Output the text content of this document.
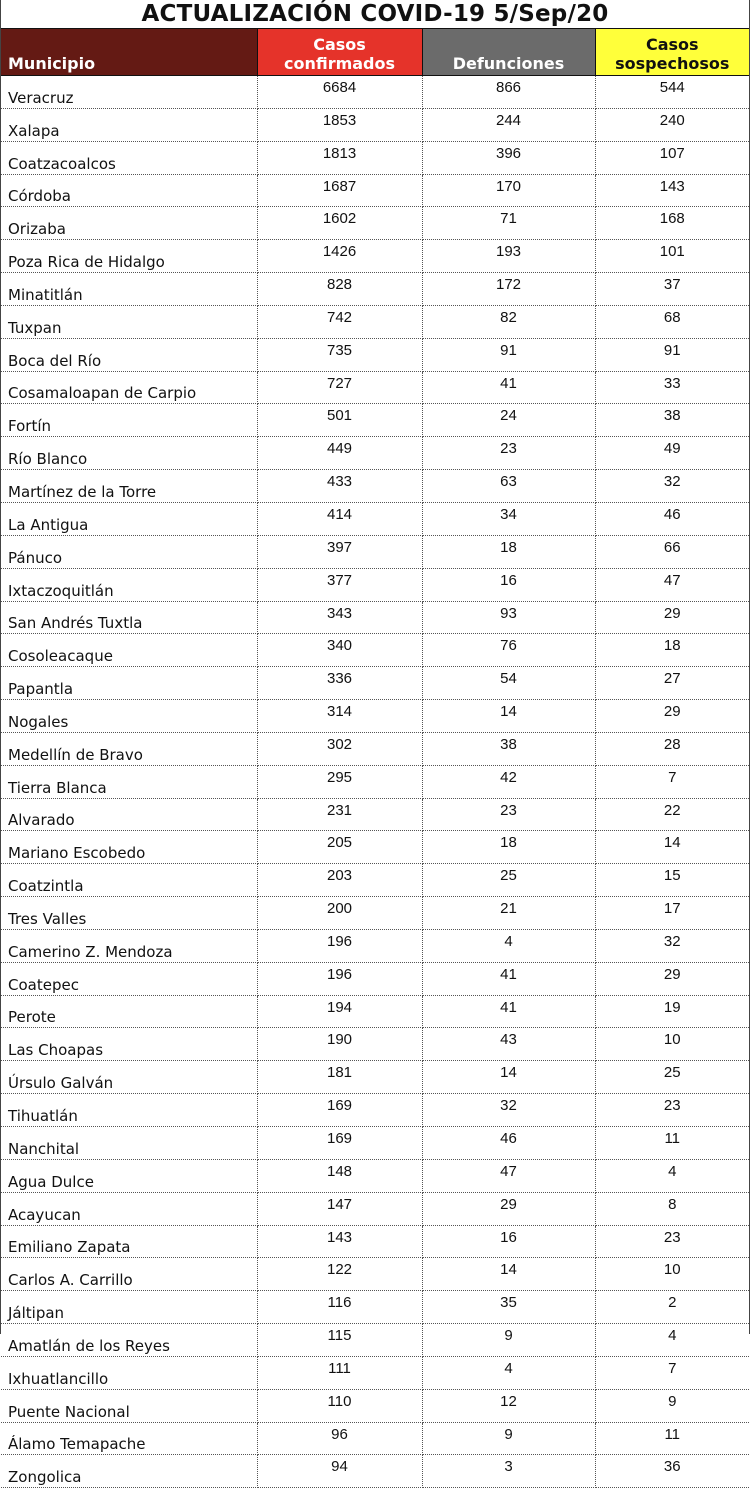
ACTUALIZACIÓN COVID-19 5/Sep/20
Municipio	Casos confirmados	Defunciones	Casos sospechosos
Veracruz	6684	866	544
Xalapa	1853	244	240
Coatzacoalcos	1813	396	107
Córdoba	1687	170	143
Orizaba	1602	71	168
Poza Rica de Hidalgo	1426	193	101
Minatitlán	828	172	37
Tuxpan	742	82	68
Boca del Río	735	91	91
Cosamaloapan de Carpio	727	41	33
Fortín	501	24	38
Río Blanco	449	23	49
Martínez de la Torre	433	63	32
La Antigua	414	34	46
Pánuco	397	18	66
Ixtaczoquitlán	377	16	47
San Andrés Tuxtla	343	93	29
Cosoleacaque	340	76	18
Papantla	336	54	27
Nogales	314	14	29
Medellín de Bravo	302	38	28
Tierra Blanca	295	42	7
Alvarado	231	23	22
Mariano Escobedo	205	18	14
Coatzintla	203	25	15
Tres Valles	200	21	17
Camerino Z. Mendoza	196	4	32
Coatepec	196	41	29
Perote	194	41	19
Las Choapas	190	43	10
Úrsulo Galván	181	14	25
Tihuatlán	169	32	23
Nanchital	169	46	11
Agua Dulce	148	47	4
Acayucan	147	29	8
Emiliano Zapata	143	16	23
Carlos A. Carrillo	122	14	10
Jáltipan	116	35	2
Amatlán de los Reyes	115	9	4
Ixhuatlancillo	111	4	7
Puente Nacional	110	12	9
Álamo Temapache	96	9	11
Zongolica	94	3	36
